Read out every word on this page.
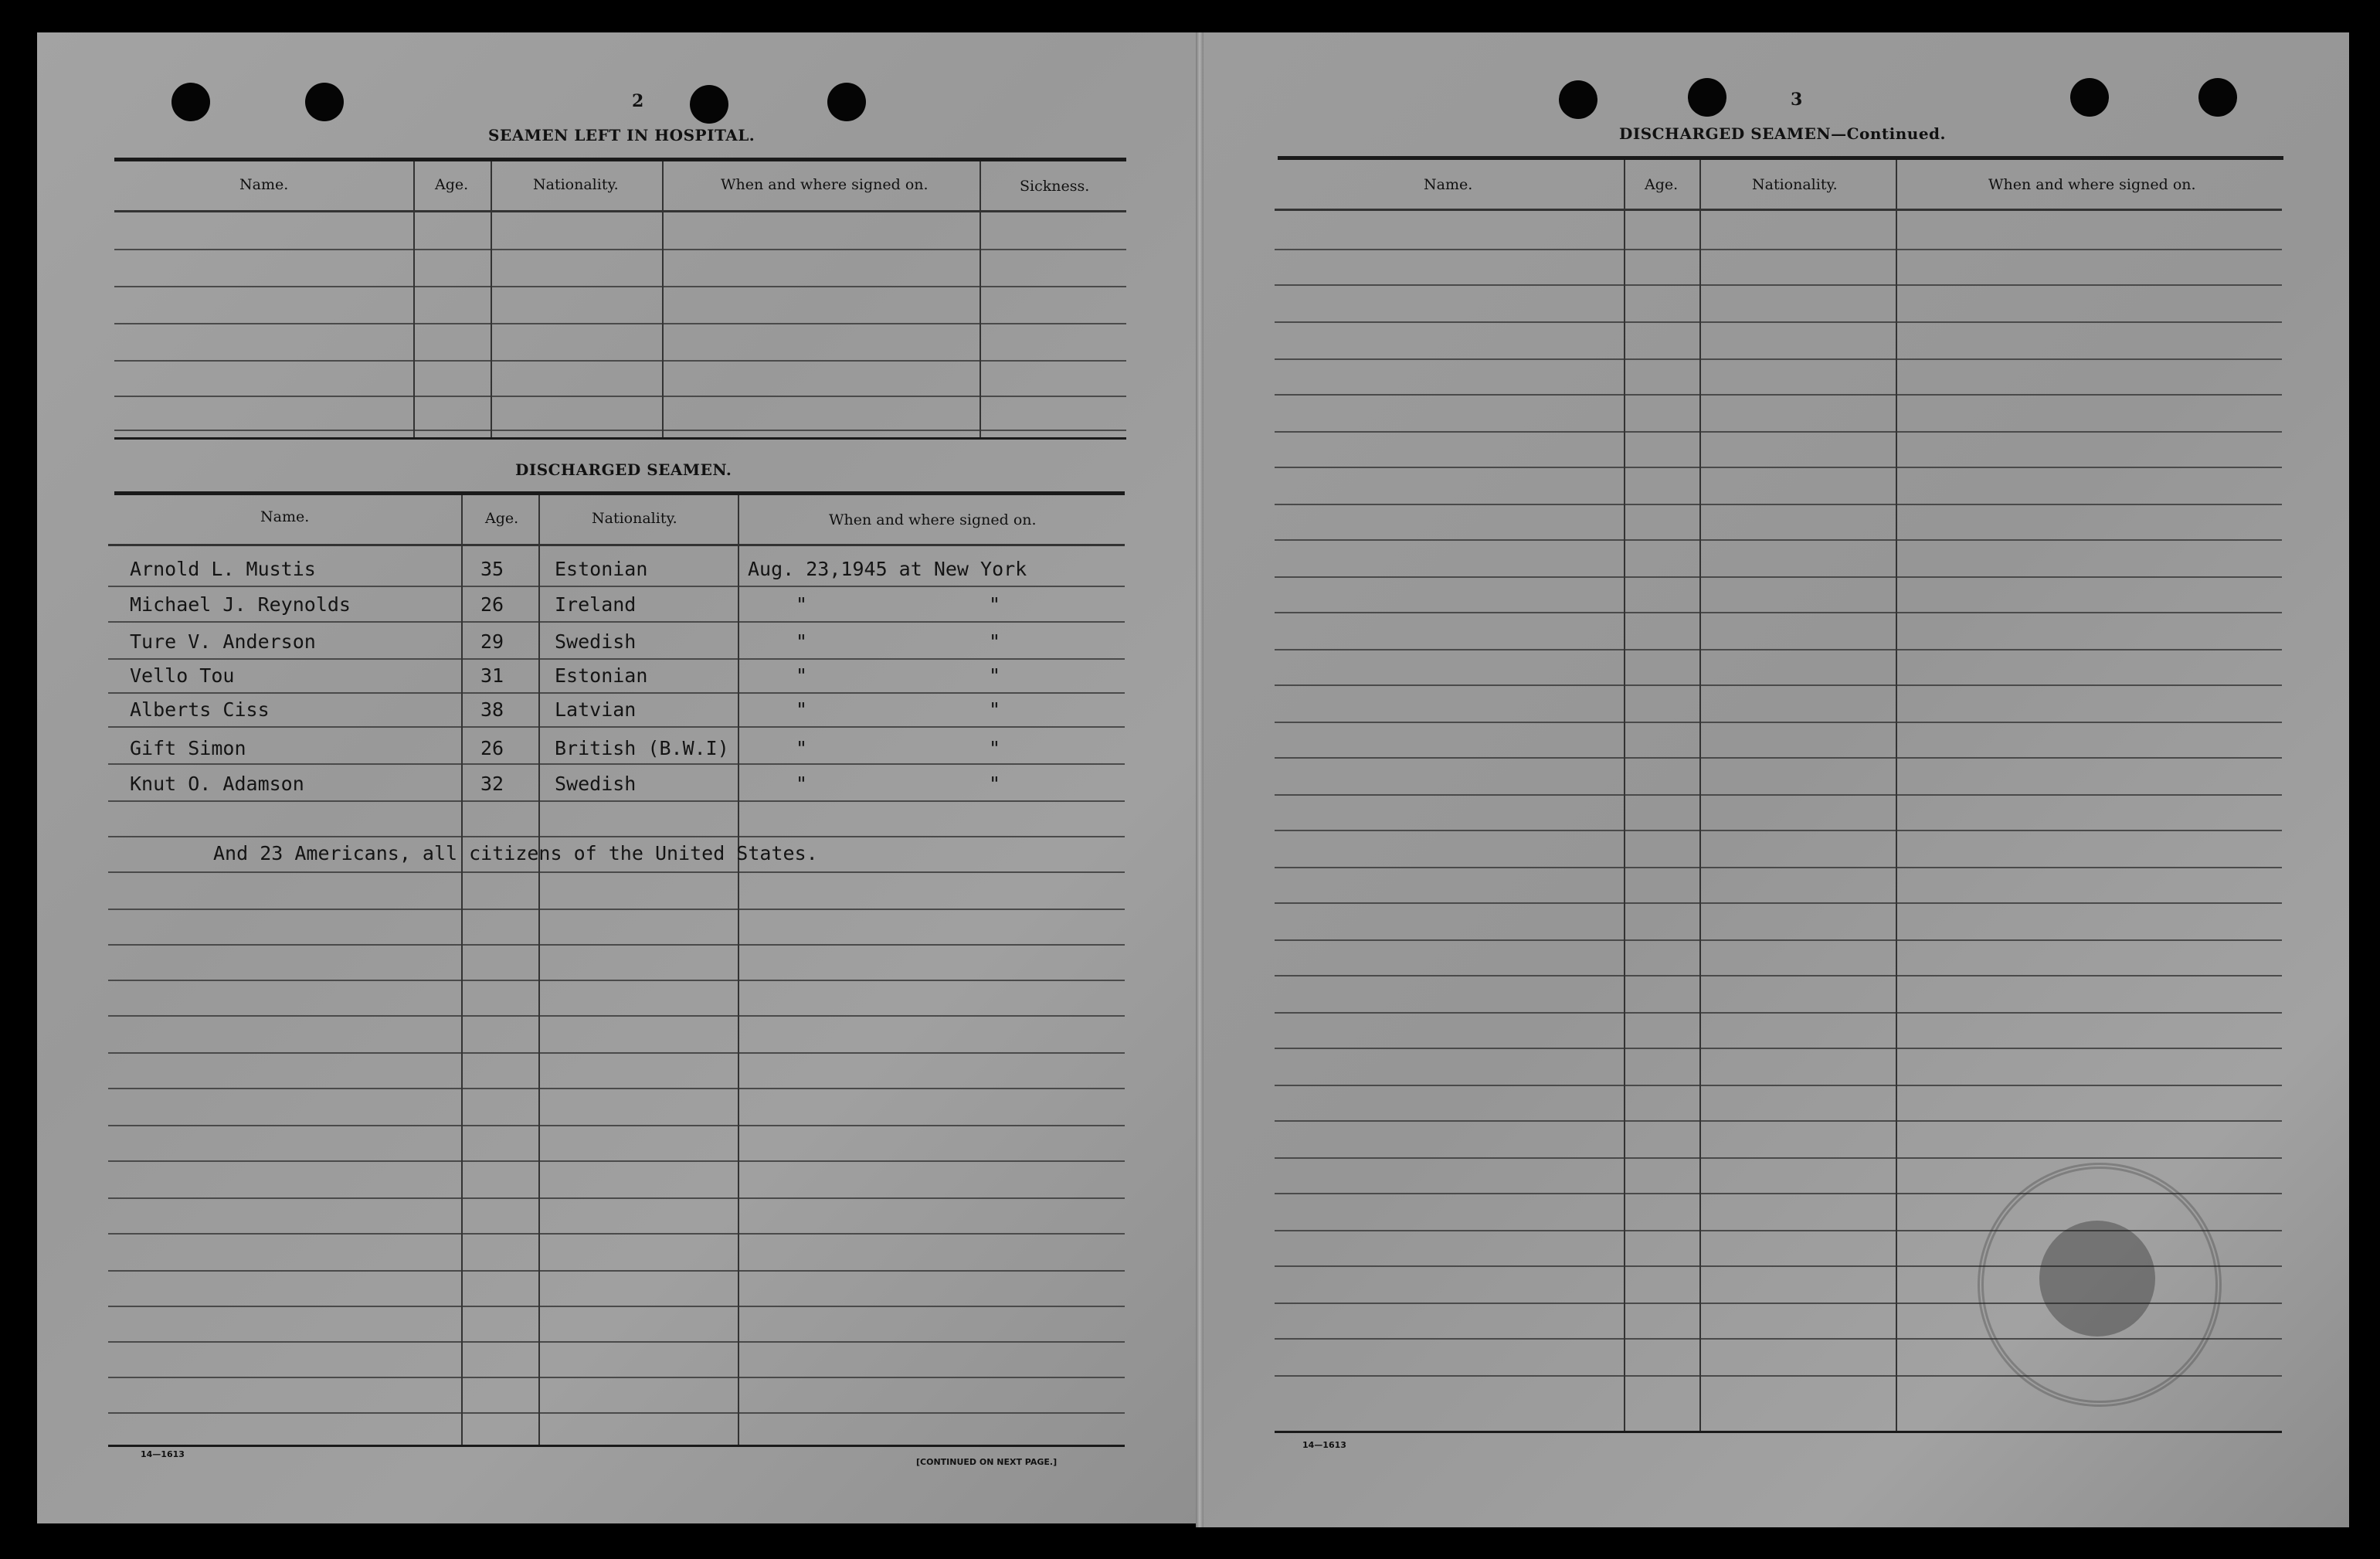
2
SEAMEN LEFT IN HOSPITAL.
Name.	Age.	Nationality.	When and where signed on.	Sickness.
DISCHARGED SEAMEN.
Name.	Age.	Nationality.	When and where signed on.
Arnold L. Mustis	35	Estonian	Aug. 23,1945 at New York
Michael J. Reynolds	26	Ireland	"	"
Ture V. Anderson	29	Swedish	"	"
Vello Tou	31	Estonian	"	"
Alberts Ciss	38	Latvian	"	"
Gift Simon	26	British (B.W.I)	"	"
Knut O. Adamson	32	Swedish	"	"
And 23 Americans, all citizens of the United States.
14—1613
[CONTINUED ON NEXT PAGE.]
3
DISCHARGED SEAMEN—Continued.
Name.	Age.	Nationality.	When and where signed on.
14—1613
